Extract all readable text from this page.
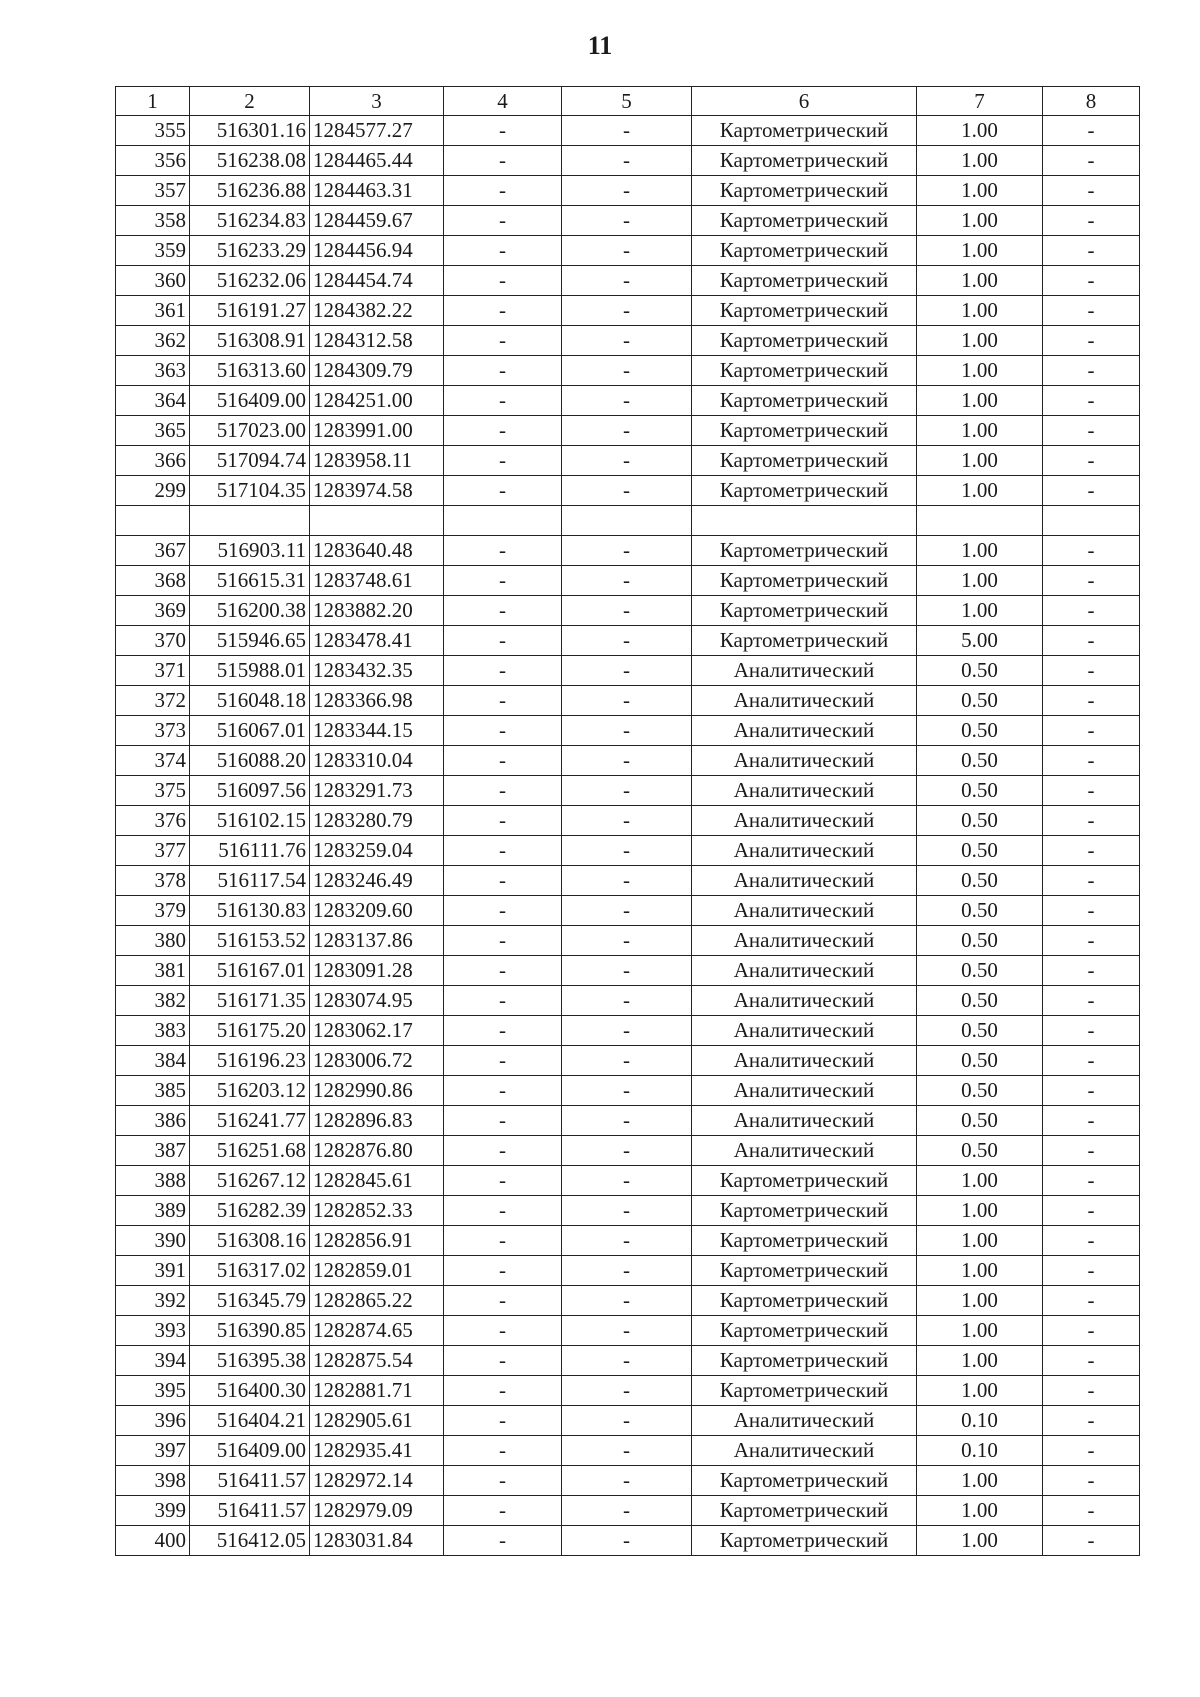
11
1	2	3	4	5	6	7	8
355	516301.16	1284577.27	-	-	Картометрический	1.00	-
356	516238.08	1284465.44	-	-	Картометрический	1.00	-
357	516236.88	1284463.31	-	-	Картометрический	1.00	-
358	516234.83	1284459.67	-	-	Картометрический	1.00	-
359	516233.29	1284456.94	-	-	Картометрический	1.00	-
360	516232.06	1284454.74	-	-	Картометрический	1.00	-
361	516191.27	1284382.22	-	-	Картометрический	1.00	-
362	516308.91	1284312.58	-	-	Картометрический	1.00	-
363	516313.60	1284309.79	-	-	Картометрический	1.00	-
364	516409.00	1284251.00	-	-	Картометрический	1.00	-
365	517023.00	1283991.00	-	-	Картометрический	1.00	-
366	517094.74	1283958.11	-	-	Картометрический	1.00	-
299	517104.35	1283974.58	-	-	Картометрический	1.00	-

367	516903.11	1283640.48	-	-	Картометрический	1.00	-
368	516615.31	1283748.61	-	-	Картометрический	1.00	-
369	516200.38	1283882.20	-	-	Картометрический	1.00	-
370	515946.65	1283478.41	-	-	Картометрический	5.00	-
371	515988.01	1283432.35	-	-	Аналитический	0.50	-
372	516048.18	1283366.98	-	-	Аналитический	0.50	-
373	516067.01	1283344.15	-	-	Аналитический	0.50	-
374	516088.20	1283310.04	-	-	Аналитический	0.50	-
375	516097.56	1283291.73	-	-	Аналитический	0.50	-
376	516102.15	1283280.79	-	-	Аналитический	0.50	-
377	516111.76	1283259.04	-	-	Аналитический	0.50	-
378	516117.54	1283246.49	-	-	Аналитический	0.50	-
379	516130.83	1283209.60	-	-	Аналитический	0.50	-
380	516153.52	1283137.86	-	-	Аналитический	0.50	-
381	516167.01	1283091.28	-	-	Аналитический	0.50	-
382	516171.35	1283074.95	-	-	Аналитический	0.50	-
383	516175.20	1283062.17	-	-	Аналитический	0.50	-
384	516196.23	1283006.72	-	-	Аналитический	0.50	-
385	516203.12	1282990.86	-	-	Аналитический	0.50	-
386	516241.77	1282896.83	-	-	Аналитический	0.50	-
387	516251.68	1282876.80	-	-	Аналитический	0.50	-
388	516267.12	1282845.61	-	-	Картометрический	1.00	-
389	516282.39	1282852.33	-	-	Картометрический	1.00	-
390	516308.16	1282856.91	-	-	Картометрический	1.00	-
391	516317.02	1282859.01	-	-	Картометрический	1.00	-
392	516345.79	1282865.22	-	-	Картометрический	1.00	-
393	516390.85	1282874.65	-	-	Картометрический	1.00	-
394	516395.38	1282875.54	-	-	Картометрический	1.00	-
395	516400.30	1282881.71	-	-	Картометрический	1.00	-
396	516404.21	1282905.61	-	-	Аналитический	0.10	-
397	516409.00	1282935.41	-	-	Аналитический	0.10	-
398	516411.57	1282972.14	-	-	Картометрический	1.00	-
399	516411.57	1282979.09	-	-	Картометрический	1.00	-
400	516412.05	1283031.84	-	-	Картометрический	1.00	-
